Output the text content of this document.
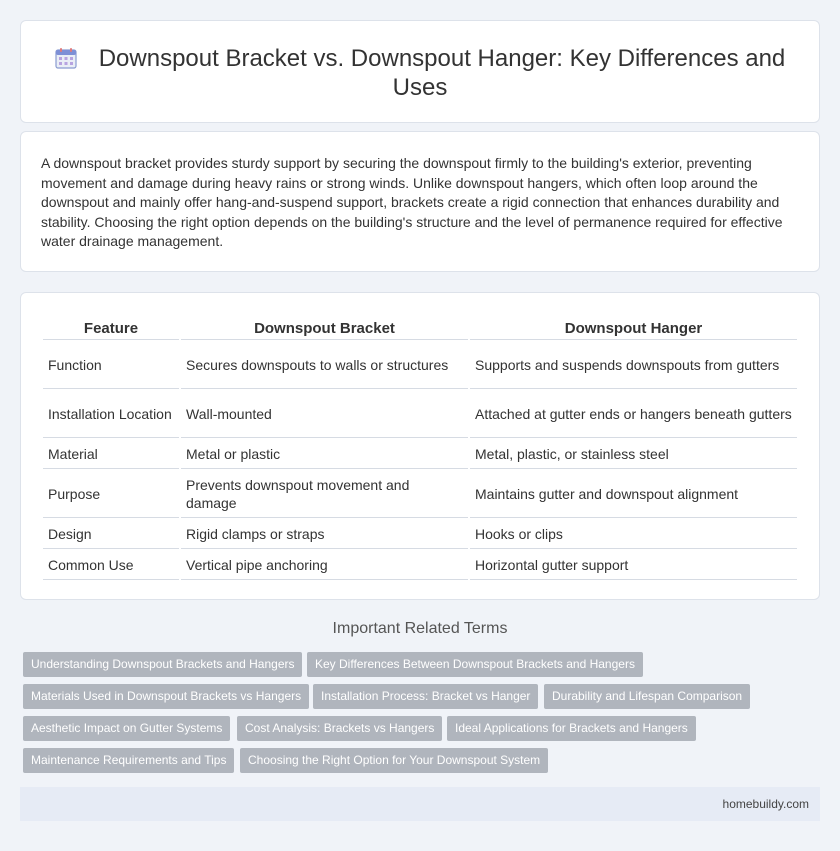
Downspout Bracket vs. Downspout Hanger: Key Differences and Uses

A downspout bracket provides sturdy support by securing the downspout firmly to the building's exterior, preventing movement and damage during heavy rains or strong winds. Unlike downspout hangers, which often loop around the downspout and mainly offer hang-and-suspend support, brackets create a rigid connection that enhances durability and stability. Choosing the right option depends on the building's structure and the level of permanence required for effective water drainage management.

Feature	Downspout Bracket	Downspout Hanger
Function	Secures downspouts to walls or structures	Supports and suspends downspouts from gutters
Installation Location	Wall-mounted	Attached at gutter ends or hangers beneath gutters
Material	Metal or plastic	Metal, plastic, or stainless steel
Purpose	Prevents downspout movement and damage	Maintains gutter and downspout alignment
Design	Rigid clamps or straps	Hooks or clips
Common Use	Vertical pipe anchoring	Horizontal gutter support
Important Related Terms
Understanding Downspout Brackets and Hangers	Key Differences Between Downspout Brackets and Hangers
Materials Used in Downspout Brackets vs Hangers	Installation Process: Bracket vs Hanger	Durability and Lifespan Comparison
Aesthetic Impact on Gutter Systems	Cost Analysis: Brackets vs Hangers	Ideal Applications for Brackets and Hangers
Maintenance Requirements and Tips	Choosing the Right Option for Your Downspout System
homebuildy.com
